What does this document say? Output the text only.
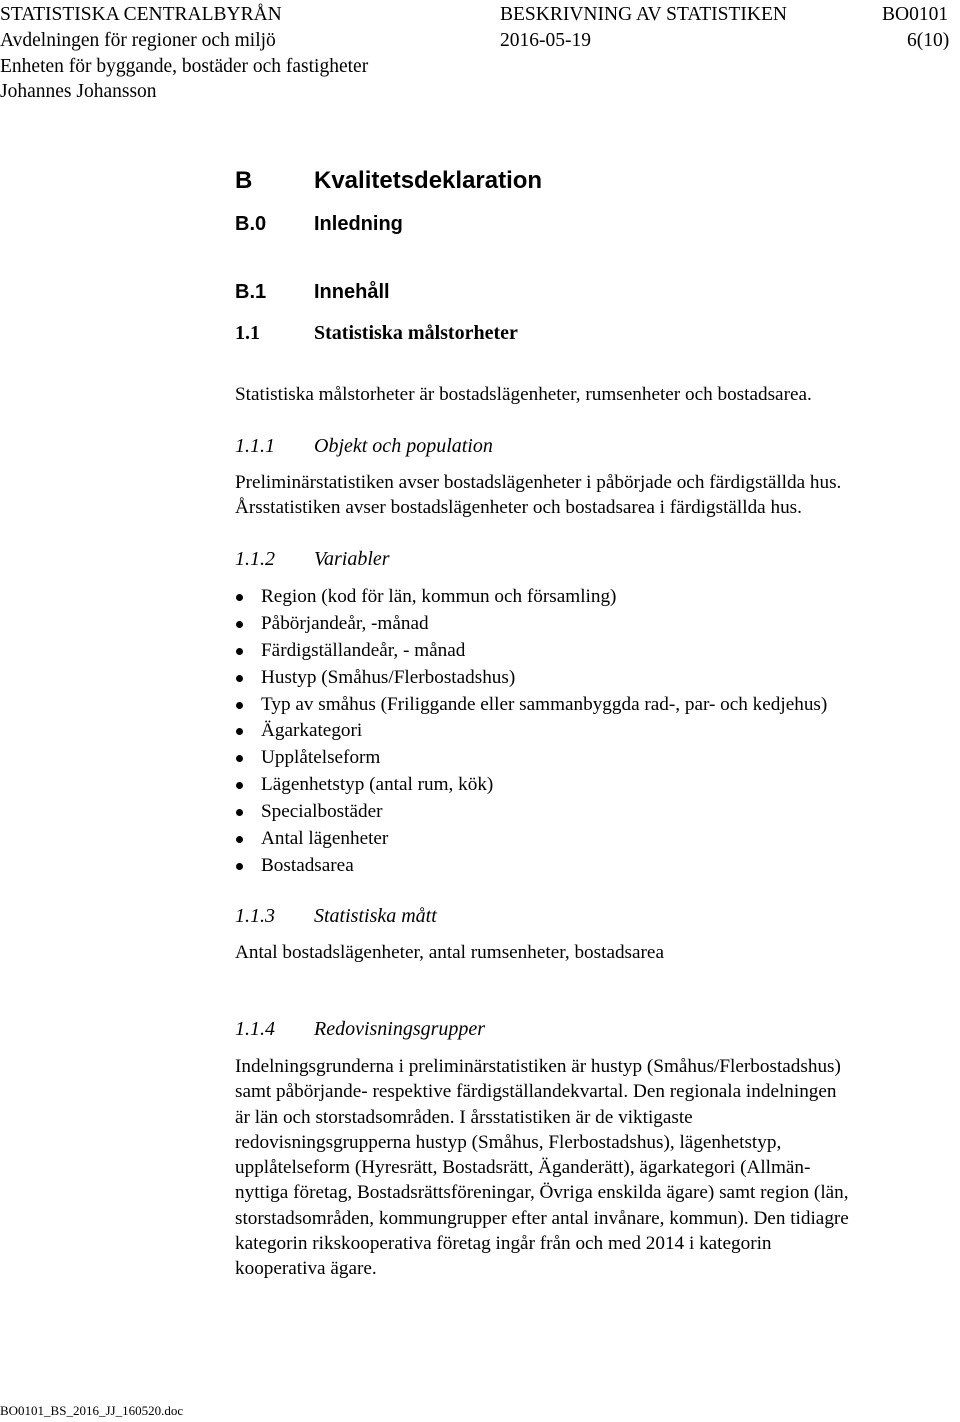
STATISTISKA CENTRALBYRÅN
Avdelningen för regioner och miljö
Enheten för byggande, bostäder och fastigheter
Johannes Johansson
BESKRIVNING AV STATISTIKEN
2016-05-19
BO0101
6(10)
B	Kvalitetsdeklaration
B.0 Inledning
B.1 Innehåll
1.1	Statistiska målstorheter
Statistiska målstorheter är bostadslägenheter, rumsenheter och bostadsarea.
1.1.1 Objekt och population
Preliminärstatistiken avser bostadslägenheter i påbörjade och färdigställda hus.
Årsstatistiken avser bostadslägenheter och bostadsarea i färdigställda hus.
1.1.2 Variabler
Region (kod för län, kommun och församling)
Påbörjandeår, -månad
Färdigställandeår, - månad
Hustyp (Småhus/Flerbostadshus)
Typ av småhus (Friliggande eller sammanbyggda rad-, par- och kedjehus)
Ägarkategori
Upplåtelseform
Lägenhetstyp (antal rum, kök)
Specialbostäder
Antal lägenheter
Bostadsarea
1.1.3 Statistiska mått
Antal bostadslägenheter, antal rumsenheter, bostadsarea
1.1.4 Redovisningsgrupper
Indelningsgrunderna i preliminärstatistiken är hustyp (Småhus/Flerbostadshus)
samt påbörjande- respektive färdigställandekvartal. Den regionala indelningen
är län och storstadsområden. I årsstatistiken är de viktigaste
redovisningsgrupperna hustyp (Småhus, Flerbostadshus), lägenhetstyp,
upplåtelseform (Hyresrätt, Bostadsrätt, Äganderätt), ägarkategori (Allmän-
nyttiga företag, Bostadsrättsföreningar, Övriga enskilda ägare) samt region (län,
storstadsområden, kommungrupper efter antal invånare, kommun). Den tidiagre
kategorin rikskooperativa företag ingår från och med 2014 i kategorin
kooperativa ägare.
BO0101_BS_2016_JJ_160520.doc
